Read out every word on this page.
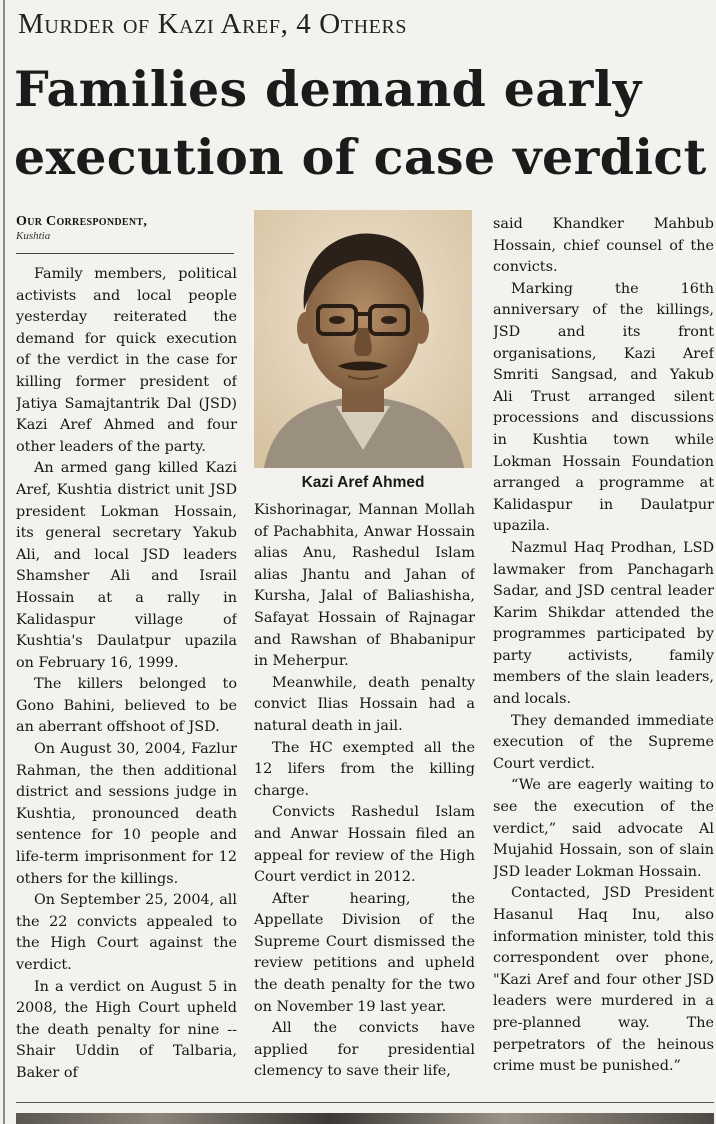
Murder of Kazi Aref, 4 Others
Families demand early
execution of case verdict
Our Correspondent,
Kushtia

Family members, political activists and local people yesterday reiterated the demand for quick execution of the verdict in the case for killing former president of Jatiya Samajtantrik Dal (JSD) Kazi Aref Ahmed and four other leaders of the party.

An armed gang killed Kazi Aref, Kushtia district unit JSD president Lokman Hossain, its general secretary Yakub Ali, and local JSD leaders Shamsher Ali and Israil Hossain at a rally in Kalidaspur village of Kushtia's Daulatpur upazila on February 16, 1999.

The killers belonged to Gono Bahini, believed to be an aberrant offshoot of JSD.

On August 30, 2004, Fazlur Rahman, the then additional district and sessions judge in Kushtia, pronounced death sentence for 10 people and life-term imprisonment for 12 others for the killings.

On September 25, 2004, all the 22 convicts appealed to the High Court against the verdict.

In a verdict on August 5 in 2008, the High Court upheld the death penalty for nine -- Shair Uddin of Talbaria, Baker of

Kazi Aref Ahmed

Kishorinagar, Mannan Mollah of Pachabhita, Anwar Hossain alias Anu, Rashedul Islam alias Jhantu and Jahan of Kursha, Jalal of Baliashisha, Safayat Hossain of Rajnagar and Rawshan of Bhabanipur in Meherpur.

Meanwhile, death penalty convict Ilias Hossain had a natural death in jail.

The HC exempted all the 12 lifers from the killing charge.

Convicts Rashedul Islam and Anwar Hossain filed an appeal for review of the High Court verdict in 2012.

After hearing, the Appellate Division of the Supreme Court dismissed the review petitions and upheld the death penalty for the two on November 19 last year.

All the convicts have applied for presidential clemency to save their life,

said Khandker Mahbub Hossain, chief counsel of the convicts.

Marking the 16th anniversary of the killings, JSD and its front organisations, Kazi Aref Smriti Sangsad, and Yakub Ali Trust arranged silent processions and discussions in Kushtia town while Lokman Hossain Foundation arranged a programme at Kalidaspur in Daulatpur upazila.

Nazmul Haq Prodhan, LSD lawmaker from Panchagarh Sadar, and JSD central leader Karim Shikdar attended the programmes participated by party activists, family members of the slain leaders, and locals.

They demanded immediate execution of the Supreme Court verdict.

“We are eagerly waiting to see the execution of the verdict,” said advocate Al Mujahid Hossain, son of slain JSD leader Lokman Hossain.

Contacted, JSD President Hasanul Haq Inu, also information minister, told this correspondent over phone, "Kazi Aref and four other JSD leaders were murdered in a pre-planned way. The perpetrators of the heinous crime must be punished.”
